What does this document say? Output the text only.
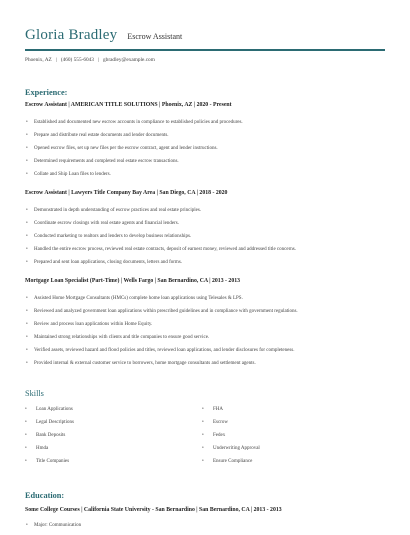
Gloria Bradley Escrow Assistant
Phoenix, AZ | (460) 555-6043 | gbradley@example.com
Experience:
Escrow Assistant | AMERICAN TITLE SOLUTIONS | Phoenix, AZ | 2020 - Present
• Established and documented new escrow accounts in compliance to established policies and procedures.
• Prepare and distribute real estate documents and lender documents.
• Opened escrow files, set up new files per the escrow contract, agent and lender instructions.
• Determined requirements and completed real estate escrow transactions.
• Collate and Ship Loan files to lenders.
Escrow Assistant | Lawyers Title Company Bay Area | San Diego, CA | 2018 - 2020
• Demonstrated in depth understanding of escrow practices and real estate principles.
• Coordinate escrow closings with real estate agents and financial lenders.
• Conducted marketing to realtors and lenders to develop business relationships.
• Handled the entire escrow process, reviewed real estate contracts, deposit of earnest money, reviewed and addressed title concerns.
• Prepared and sent loan applications, closing documents, letters and forms.
Mortgage Loan Specialist (Part-Time) | Wells Fargo | San Bernardino, CA | 2013 - 2013
• Assisted Home Mortgage Consultants (HMCs) complete home loan applications using Telesales & LPS.
• Reviewed and analyzed government loan applications within prescribed guidelines and in compliance with government regulations.
• Review and process loan applications within Home Equity.
• Maintained strong relationships with clients and title companies to ensure good service.
• Verified assets, reviewed hazard and flood policies and titles, reviewed loan applications, and lender disclosures for completeness.
• Provided internal & external customer service to borrowers, home mortgage consultants and settlement agents.
Skills
• Loan Applications
• Legal Descriptions
• Bank Deposits
• Hmda
• Title Companies
• FHA
• Escrow
• Fedex
• Underwriting Approval
• Ensure Compliance
Education:
Some College Courses | California State University - San Bernardino | San Bernardino, CA | 2013 - 2013
• Major: Communication
